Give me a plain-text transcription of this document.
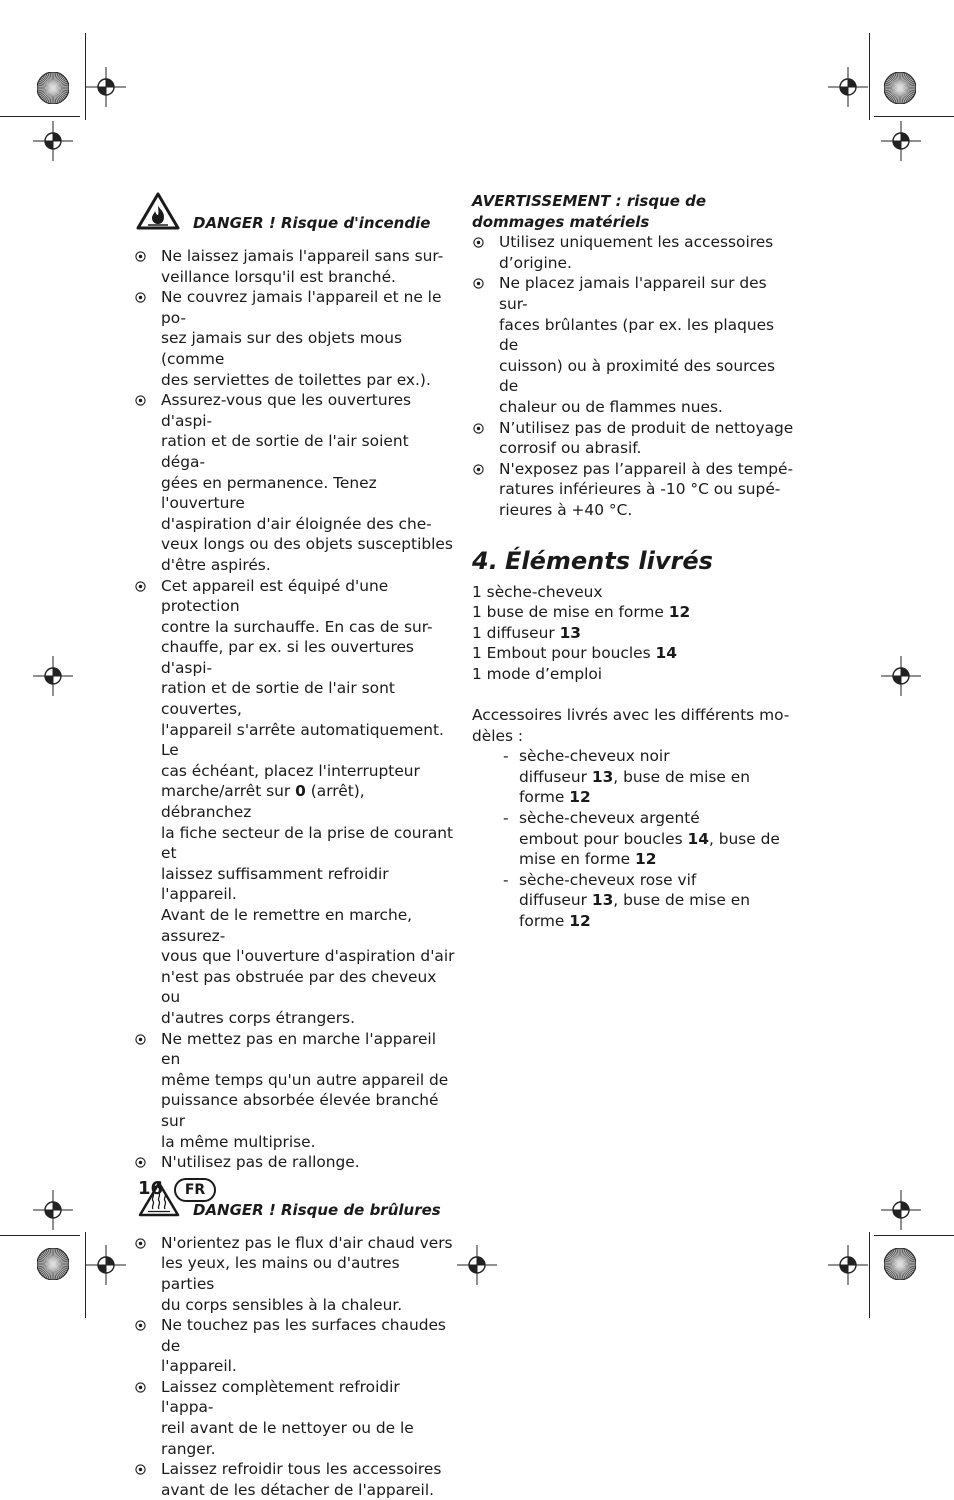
DANGER ! Risque d'incendie
Ne laissez jamais l'appareil sans sur-
veillance lorsqu'il est branché.
Ne couvrez jamais l'appareil et ne le po-
sez jamais sur des objets mous (comme
des serviettes de toilettes par ex.).
Assurez-vous que les ouvertures d'aspi-
ration et de sortie de l'air soient déga-
gées en permanence. Tenez l'ouverture
d'aspiration d'air éloignée des che-
veux longs ou des objets susceptibles
d'être aspirés.
Cet appareil est équipé d'une protection
contre la surchauffe. En cas de sur-
chauffe, par ex. si les ouvertures d'aspi-
ration et de sortie de l'air sont couvertes,
l'appareil s'arrête automatiquement. Le
cas échéant, placez l'interrupteur
marche/arrêt sur 0 (arrêt), débranchez
la fiche secteur de la prise de courant et
laissez suffisamment refroidir l'appareil.
Avant de le remettre en marche, assurez-
vous que l'ouverture d'aspiration d'air
n'est pas obstruée par des cheveux ou
d'autres corps étrangers.
Ne mettez pas en marche l'appareil en
même temps qu'un autre appareil de
puissance absorbée élevée branché sur
la même multiprise.
N'utilisez pas de rallonge.
DANGER ! Risque de brûlures
N'orientez pas le flux d'air chaud vers
les yeux, les mains ou d'autres parties
du corps sensibles à la chaleur.
Ne touchez pas les surfaces chaudes de
l'appareil.
Laissez complètement refroidir l'appa-
reil avant de le nettoyer ou de le ranger.
Laissez refroidir tous les accessoires
avant de les détacher de l'appareil.
AVERTISSEMENT : risque de
dommages matériels
Utilisez uniquement les accessoires
d’origine.
Ne placez jamais l'appareil sur des sur-
faces brûlantes (par ex. les plaques de
cuisson) ou à proximité des sources de
chaleur ou de flammes nues.
N’utilisez pas de produit de nettoyage
corrosif ou abrasif.
N'exposez pas l’appareil à des tempé-
ratures inférieures à -10 °C ou supé-
rieures à +40 °C.
4. Éléments livrés
1 sèche-cheveux
1 buse de mise en forme 12
1 diffuseur 13
1 Embout pour boucles 14
1 mode d’emploi
Accessoires livrés avec les différents mo-
dèles :
- sèche-cheveux noir
diffuseur 13, buse de mise en
forme 12
- sèche-cheveux argenté
embout pour boucles 14, buse de
mise en forme 12
- sèche-cheveux rose vif
diffuseur 13, buse de mise en
forme 12
16	FR
